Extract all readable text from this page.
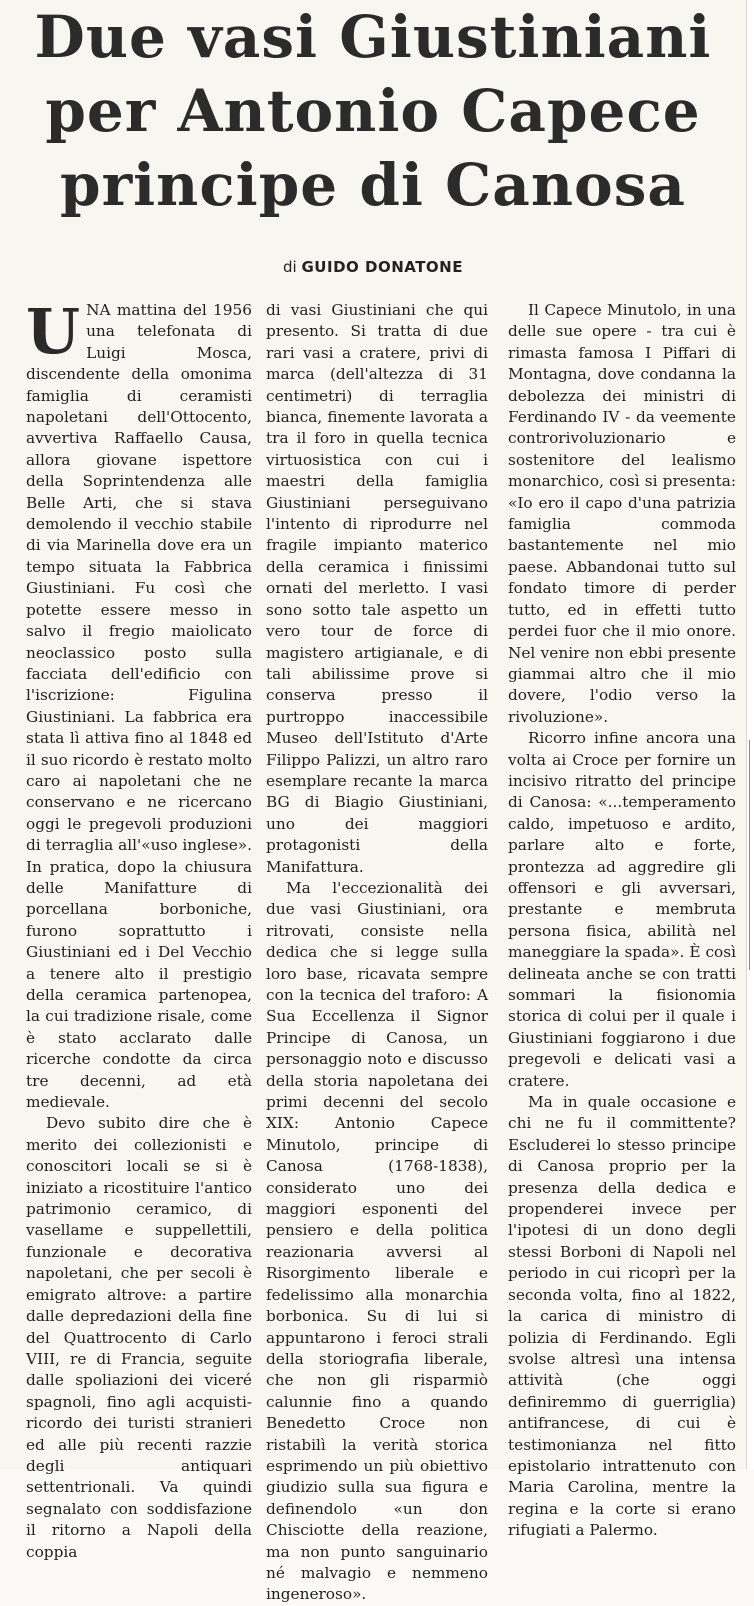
Due vasi Giustiniani
per Antonio Capece
principe di Canosa
di GUIDO DONATONE

UNA mattina del 1956 una telefonata di Luigi Mosca, discendente della omonima famiglia di ceramisti napoletani dell'Ottocento, avvertiva Raffaello Causa, allora giovane ispettore della Soprintendenza alle Belle Arti, che si stava demolendo il vecchio stabile di via Marinella dove era un tempo situata la Fabbrica Giustiniani. Fu così che potette essere messo in salvo il fregio maiolicato neoclassico posto sulla facciata dell'edificio con l'iscrizione: Figulina Giustiniani. La fabbrica era stata lì attiva fino al 1848 ed il suo ricordo è restato molto caro ai napoletani che ne conservano e ne ricercano oggi le pregevoli produzioni di terraglia all'«uso inglese». In pratica, dopo la chiusura delle Manifatture di porcellana borboniche, furono soprattutto i Giustiniani ed i Del Vecchio a tenere alto il prestigio della ceramica partenopea, la cui tradizione risale, come è stato acclarato dalle ricerche condotte da circa tre decenni, ad età medievale.

Devo subito dire che è merito dei collezionisti e conoscitori locali se si è iniziato a ricostituire l'antico patrimonio ceramico, di vasellame e suppellettili, funzionale e decorativa napoletani, che per secoli è emigrato altrove: a partire dalle depredazioni della fine del Quattrocento di Carlo VIII, re di Francia, seguite dalle spoliazioni dei viceré spagnoli, fino agli acquisti-ricordo dei turisti stranieri ed alle più recenti razzie degli antiquari settentrionali. Va quindi segnalato con soddisfazione il ritorno a Napoli della coppia

di vasi Giustiniani che qui presento. Si tratta di due rari vasi a cratere, privi di marca (dell'altezza di 31 centimetri) di terraglia bianca, finemente lavorata a tra il foro in quella tecnica virtuosistica con cui i maestri della famiglia Giustiniani perseguivano l'intento di riprodurre nel fragile impianto materico della ceramica i finissimi ornati del merletto. I vasi sono sotto tale aspetto un vero tour de force di magistero artigianale, e di tali abilissime prove si conserva presso il purtroppo inaccessibile Museo dell'Istituto d'Arte Filippo Palizzi, un altro raro esemplare recante la marca BG di Biagio Giustiniani, uno dei maggiori protagonisti della Manifattura.

Ma l'eccezionalità dei due vasi Giustiniani, ora ritrovati, consiste nella dedica che si legge sulla loro base, ricavata sempre con la tecnica del traforo: A Sua Eccellenza il Signor Principe di Canosa, un personaggio noto e discusso della storia napoletana dei primi decenni del secolo XIX: Antonio Capece Minutolo, principe di Canosa (1768-1838), considerato uno dei maggiori esponenti del pensiero e della politica reazionaria avversi al Risorgimento liberale e fedelissimo alla monarchia borbonica. Su di lui si appuntarono i feroci strali della storiografia liberale, che non gli risparmiò calunnie fino a quando Benedetto Croce non ristabilì la verità storica esprimendo un più obiettivo giudizio sulla sua figura e definendolo «un don Chisciotte della reazione, ma non punto sanguinario né malvagio e nemmeno ingeneroso».

Il Capece Minutolo, in una delle sue opere - tra cui è rimasta famosa I Piffari di Montagna, dove condanna la debolezza dei ministri di Ferdinando IV - da veemente controrivoluzionario e sostenitore del lealismo monarchico, così si presenta: «Io ero il capo d'una patrizia famiglia commoda bastantemente nel mio paese. Abbandonai tutto sul fondato timore di perder tutto, ed in effetti tutto perdei fuor che il mio onore. Nel venire non ebbi presente giammai altro che il mio dovere, l'odio verso la rivoluzione».

Ricorro infine ancora una volta ai Croce per fornire un incisivo ritratto del principe di Canosa: «...temperamento caldo, impetuoso e ardito, parlare alto e forte, prontezza ad aggredire gli offensori e gli avversari, prestante e membruta persona fisica, abilità nel maneggiare la spada». È così delineata anche se con tratti sommari la fisionomia storica di colui per il quale i Giustiniani foggiarono i due pregevoli e delicati vasi a cratere.

Ma in quale occasione e chi ne fu il committente? Escluderei lo stesso principe di Canosa proprio per la presenza della dedica e propenderei invece per l'ipotesi di un dono degli stessi Borboni di Napoli nel periodo in cui ricoprì per la seconda volta, fino al 1822, la carica di ministro di polizia di Ferdinando. Egli svolse altresì una intensa attività (che oggi definiremmo di guerriglia) antifrancese, di cui è testimonianza nel fitto epistolario intrattenuto con Maria Carolina, mentre la regina e la corte si erano rifugiati a Palermo.
